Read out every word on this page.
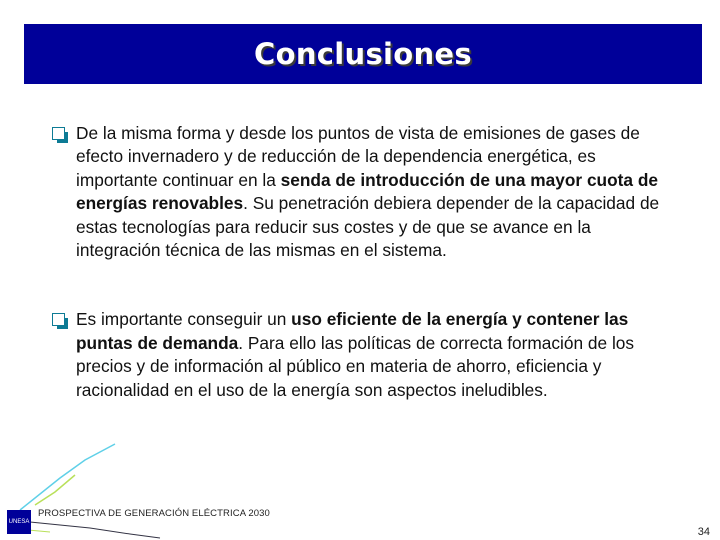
Conclusiones
De la misma forma y desde los puntos de vista de emisiones de gases de efecto invernadero y de reducción de la dependencia energética, es importante continuar en la senda de introducción de una mayor cuota de energías renovables. Su penetración debiera depender de la capacidad de estas tecnologías para reducir sus costes y de que se avance en la integración técnica de las mismas en el sistema.
Es importante conseguir un uso eficiente de la energía y contener las puntas de demanda. Para ello las políticas de correcta formación de los precios y de información al público en materia de ahorro, eficiencia y racionalidad en el uso de la energía son aspectos ineludibles.
UNESA
PROSPECTIVA DE GENERACIÓN ELÉCTRICA 2030
34
